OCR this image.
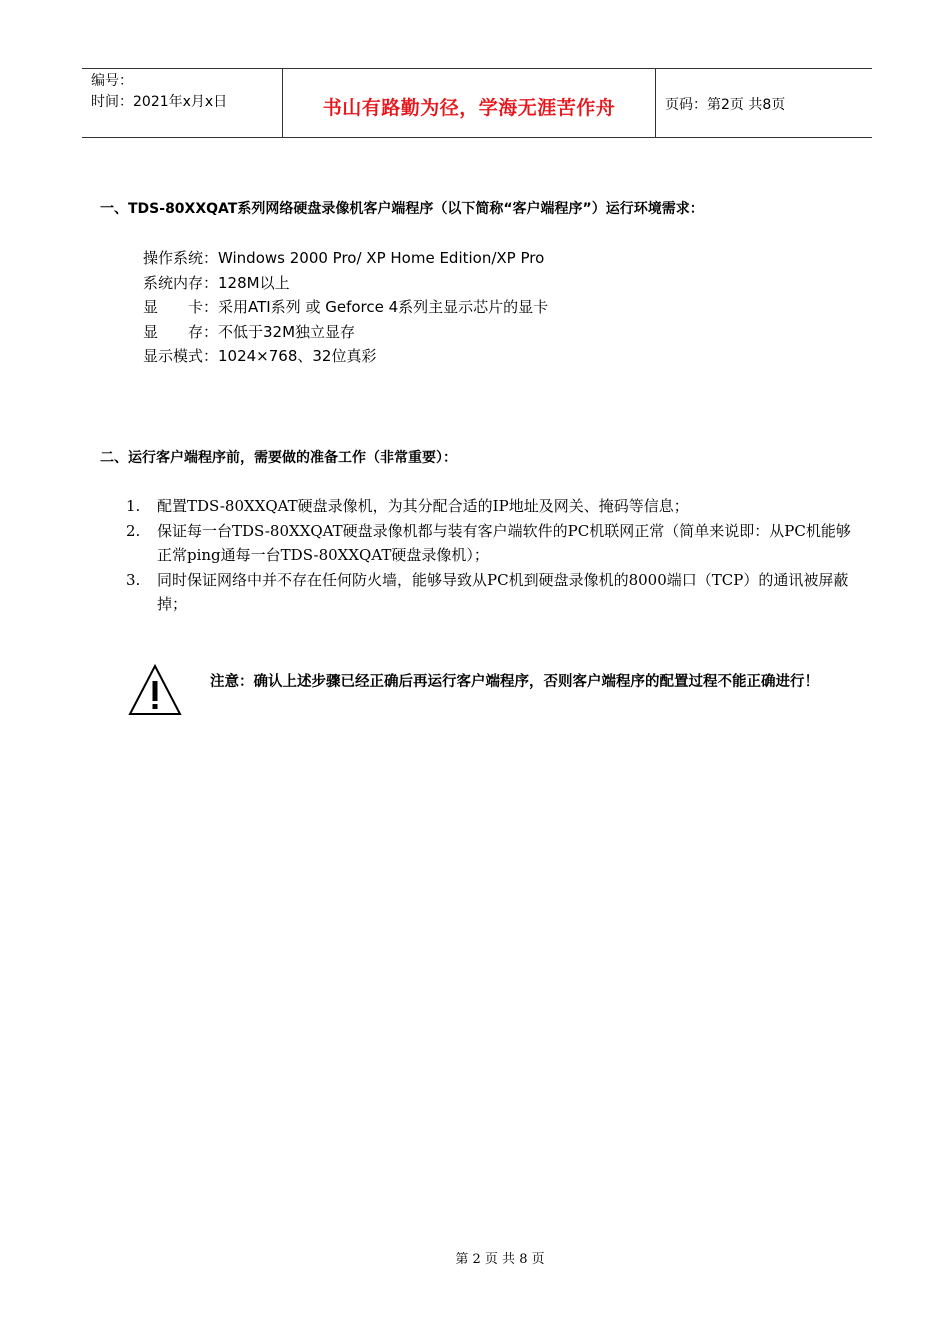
编号：
时间：2021年x月x日	书山有路勤为径，学海无涯苦作舟	页码：第2页 共8页
一、TDS-80XXQAT系列网络硬盘录像机客户端程序（以下简称“客户端程序”）运行环境需求：
操作系统：Windows 2000 Pro/ XP Home Edition/XP Pro
系统内存：128M以上
显　　卡：采用ATI系列 或 Geforce 4系列主显示芯片的显卡
显　　存：不低于32M独立显存
显示模式：1024×768、32位真彩
二、运行客户端程序前，需要做的准备工作（非常重要）：
1. 配置TDS-80XXQAT硬盘录像机，为其分配合适的IP地址及网关、掩码等信息；
2. 保证每一台TDS-80XXQAT硬盘录像机都与装有客户端软件的PC机联网正常（简单来说即：从PC机能够正常ping通每一台TDS-80XXQAT硬盘录像机）；
3. 同时保证网络中并不存在任何防火墙，能够导致从PC机到硬盘录像机的8000端口（TCP）的通讯被屏蔽掉；
注意：确认上述步骤已经正确后再运行客户端程序，否则客户端程序的配置过程不能正确进行！
第 2 页 共 8 页
